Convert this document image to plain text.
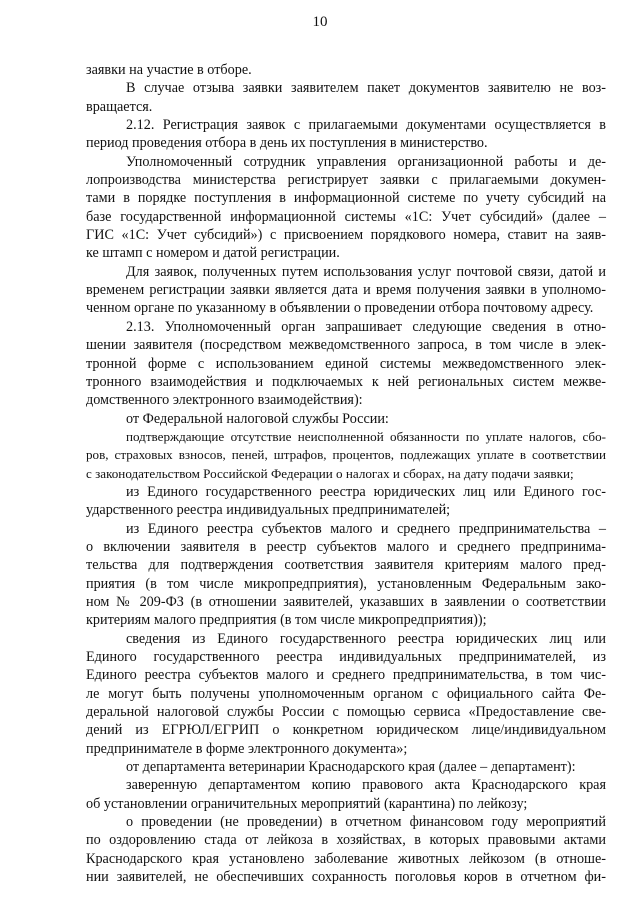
10
заявки на участие в отборе.
В случае отзыва заявки заявителем пакет документов заявителю не воз-
вращается.
2.12. Регистрация заявок с прилагаемыми документами осуществляется в
период проведения отбора в день их поступления в министерство.
Уполномоченный сотрудник управления организационной работы и де-
лопроизводства министерства регистрирует заявки с прилагаемыми докумен-
тами в порядке поступления в информационной системе по учету субсидий на
базе государственной информационной системы «1С: Учет субсидий» (далее –
ГИС «1С: Учет субсидий») с присвоением порядкового номера, ставит на заяв-
ке штамп с номером и датой регистрации.
Для заявок, полученных путем использования услуг почтовой связи, датой и
временем регистрации заявки является дата и время получения заявки в уполномо-
ченном органе по указанному в объявлении о проведении отбора почтовому адресу.
2.13. Уполномоченный орган запрашивает следующие сведения в отно-
шении заявителя (посредством межведомственного запроса, в том числе в элек-
тронной форме с использованием единой системы межведомственного элек-
тронного взаимодействия и подключаемых к ней региональных систем межве-
домственного электронного взаимодействия):
от Федеральной налоговой службы России:
подтверждающие отсутствие неисполненной обязанности по уплате налогов, сбо-
ров, страховых взносов, пеней, штрафов, процентов, подлежащих уплате в соответствии
с законодательством Российской Федерации о налогах и сборах, на дату подачи заявки;
из Единого государственного реестра юридических лиц или Единого гос-
ударственного реестра индивидуальных предпринимателей;
из Единого реестра субъектов малого и среднего предпринимательства –
о включении заявителя в реестр субъектов малого и среднего предпринима-
тельства для подтверждения соответствия заявителя критериям малого пред-
приятия (в том числе микропредприятия), установленным Федеральным зако-
ном № 209-ФЗ (в отношении заявителей, указавших в заявлении о соответствии
критериям малого предприятия (в том числе микропредприятия));
сведения из Единого государственного реестра юридических лиц или
Единого государственного реестра индивидуальных предпринимателей, из
Единого реестра субъектов малого и среднего предпринимательства, в том чис-
ле могут быть получены уполномоченным органом с официального сайта Фе-
деральной налоговой службы России с помощью сервиса «Предоставление све-
дений из ЕГРЮЛ/ЕГРИП о конкретном юридическом лице/индивидуальном
предпринимателе в форме электронного документа»;
от департамента ветеринарии Краснодарского края (далее – департамент):
заверенную департаментом копию правового акта Краснодарского края
об установлении ограничительных мероприятий (карантина) по лейкозу;
о проведении (не проведении) в отчетном финансовом году мероприятий
по оздоровлению стада от лейкоза в хозяйствах, в которых правовыми актами
Краснодарского края установлено заболевание животных лейкозом (в отноше-
нии заявителей, не обеспечивших сохранность поголовья коров в отчетном фи-
